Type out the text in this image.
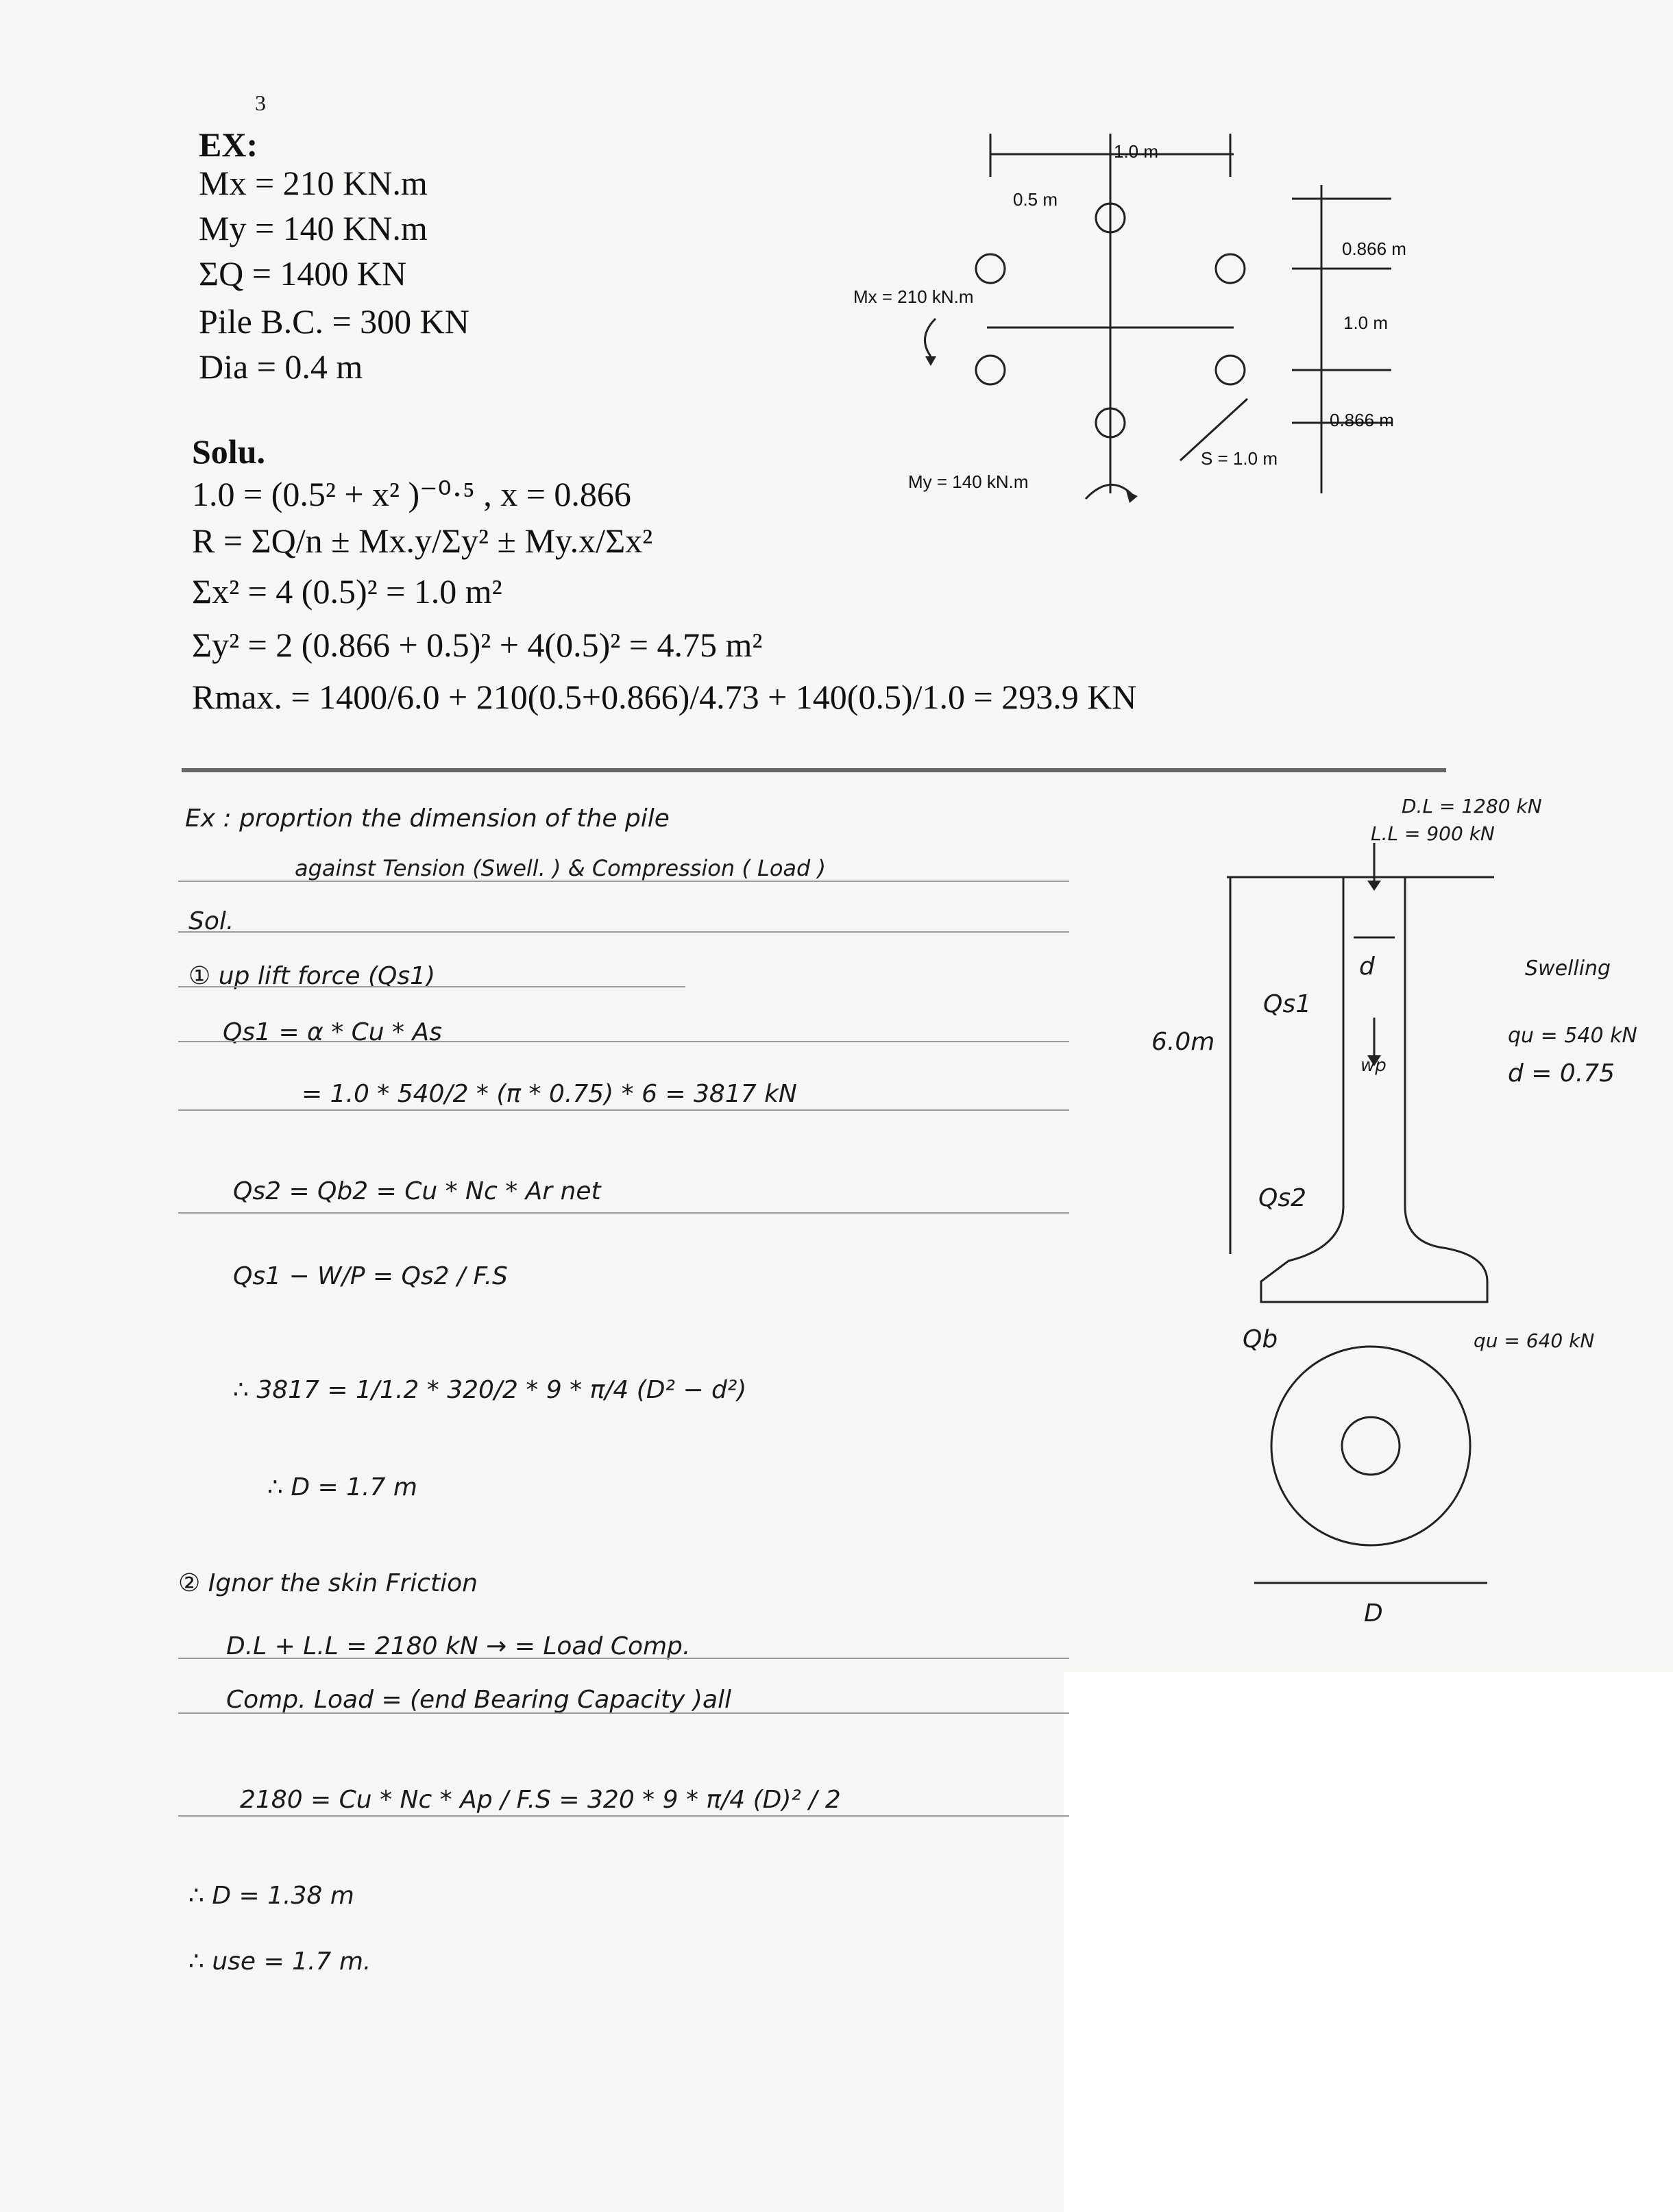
3
EX:
Mx = 210 KN.m
My = 140 KN.m
ΣQ = 1400 KN
Pile B.C. = 300 KN
Dia = 0.4 m
Solu.
1.0 = (0.5² + x² )⁻⁰·⁵ , x = 0.866
R = ΣQ/n ± Mx.y/Σy² ± My.x/Σx²
Σx² = 4 (0.5)² = 1.0 m²
Σy² = 2 (0.866 + 0.5)² + 4(0.5)² = 4.75 m²
Rmax. = 1400/6.0 + 210(0.5+0.866)/4.73 + 140(0.5)/1.0 = 293.9 KN
1.0 m
0.5 m
0.866 m
1.0 m
0.866 m
Mx = 210 kN.m
My = 140 kN.m
S = 1.0 m
Ex : proprtion the dimension of the pile
against Tension (Swell. ) & Compression ( Load )
Sol.
① up lift force (Qs1)
Qs1 = α * Cu * As
= 1.0 * 540/2 * (π * 0.75) * 6 = 3817 kN
Qs2 = Qb2 = Cu * Nc * Ar net
Qs1 − W/P = Qs2 / F.S
∴ 3817 = 1/1.2 * 320/2 * 9 * π/4 (D² − d²)
∴ D = 1.7 m
② Ignor the skin Friction
D.L + L.L = 2180 kN → = Load Comp.
Comp. Load = (end Bearing Capacity )all
2180 = Cu * Nc * Ap / F.S = 320 * 9 * π/4 (D)² / 2
∴ D = 1.38 m
∴ use = 1.7 m.
D.L = 1280 kN
L.L = 900 kN
6.0m
Qs1
d
wp
Swelling
qu = 540 kN
d = 0.75
Qs2
Qb	qu = 640 kN
D
